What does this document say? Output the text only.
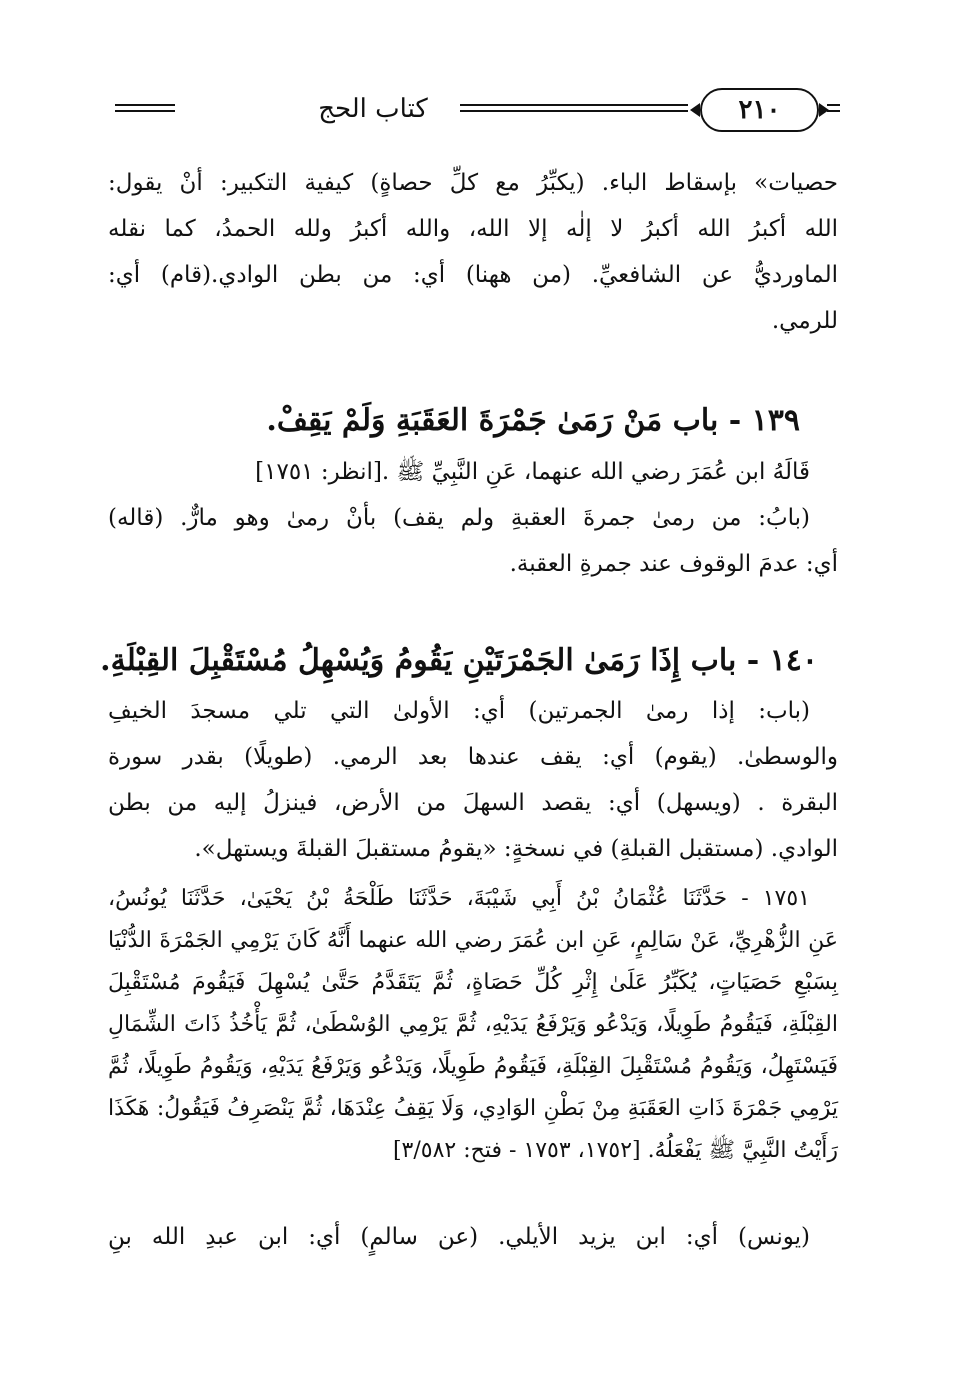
كتاب الحج	٢١٠
حصيات» بإسقاط الباء. (يكبِّرُ مع كلِّ حصاةٍ) كيفية التكبير: أنْ يقول:
الله أكبرُ الله أكبرُ لا إلٰه إلا الله، والله أكبرُ ولله الحمدُ، كما نقله
الماورديُّ عن الشافعيِّ. (من ههنا) أي: من بطن الوادي.(قام) أي:
للرمي.
١٣٩ - باب مَنْ رَمَىٰ جَمْرَةَ العَقَبَةِ وَلَمْ يَقِفْ.
قَالَهُ ابن عُمَرَ رضي الله عنهما، عَنِ النَّبِيِّ ﷺ .[انظر: ١٧٥١]
(بابُ: من رمىٰ جمرةَ العقبةِ ولم يقف) بأنْ رمىٰ وهو مارٌّ. (قاله)
أي: عدمَ الوقوف عند جمرةِ العقبة.
١٤٠ - باب إِذَا رَمَىٰ الجَمْرَتَيْنِ يَقُومُ وَيُسْهِلُ مُسْتَقْبِلَ القِبْلَةِ.
(باب: إذا رمىٰ الجمرتين) أي: الأولىٰ التي تلي مسجدَ الخيفِ
والوسطىٰ. (يقوم) أي: يقف عندها بعد الرمي. (طويلًا) بقدر سورة
البقرة . (ويسهل) أي: يقصد السهلَ من الأرض، فينزلُ إليه من بطن
الوادي. (مستقبل القبلةِ) في نسخةٍ: «يقومُ مستقبلَ القبلةَ ويستهل».
١٧٥١ - حَدَّثَنَا عُثْمَانُ بْنُ أَبِي شَيْبَةَ، حَدَّثَنَا طَلْحَةُ بْنُ يَحْيَىٰ، حَدَّثَنَا يُونُسُ،
عَنِ الزُّهْرِيِّ، عَنْ سَالِمٍ، عَنِ ابن عُمَرَ رضي الله عنهما أَنَّهُ كَانَ يَرْمِي الجَمْرَةَ الدُّنْيَا
بِسَبْعِ حَصَيَاتٍ، يُكَبِّرُ عَلَىٰ إِثْرِ كُلِّ حَصَاةٍ، ثُمَّ يَتَقَدَّمُ حَتَّىٰ يُسْهِلَ فَيَقُومَ مُسْتَقْبِلَ
القِبْلَةِ، فَيَقُومُ طَوِيلًا، وَيَدْعُو وَيَرْفَعُ يَدَيْهِ، ثُمَّ يَرْمِي الوُسْطَىٰ، ثُمَّ يَأْخُذُ ذَاتَ الشِّمَالِ
فَيَسْتَهِلُ، وَيَقُومُ مُسْتَقْبِلَ القِبْلَةِ، فَيَقُومُ طَوِيلًا، وَيَدْعُو وَيَرْفَعُ يَدَيْهِ، وَيَقُومُ طَوِيلًا، ثُمَّ
يَرْمِي جَمْرَةَ ذَاتِ العَقَبَةِ مِنْ بَطْنِ الوَادِي، وَلَا يَقِفُ عِنْدَهَا، ثُمَّ يَنْصَرِفُ فَيَقُولُ: هَكَذَا
رَأَيْتُ النَّبِيَّ ﷺ يَفْعَلُهُ. [١٧٥٢، ١٧٥٣ - فتح: ٣/٥٨٢]
(يونس) أي: ابن يزيد الأيلي. (عن سالمٍ) أي: ابن عبدِ الله بنِ
